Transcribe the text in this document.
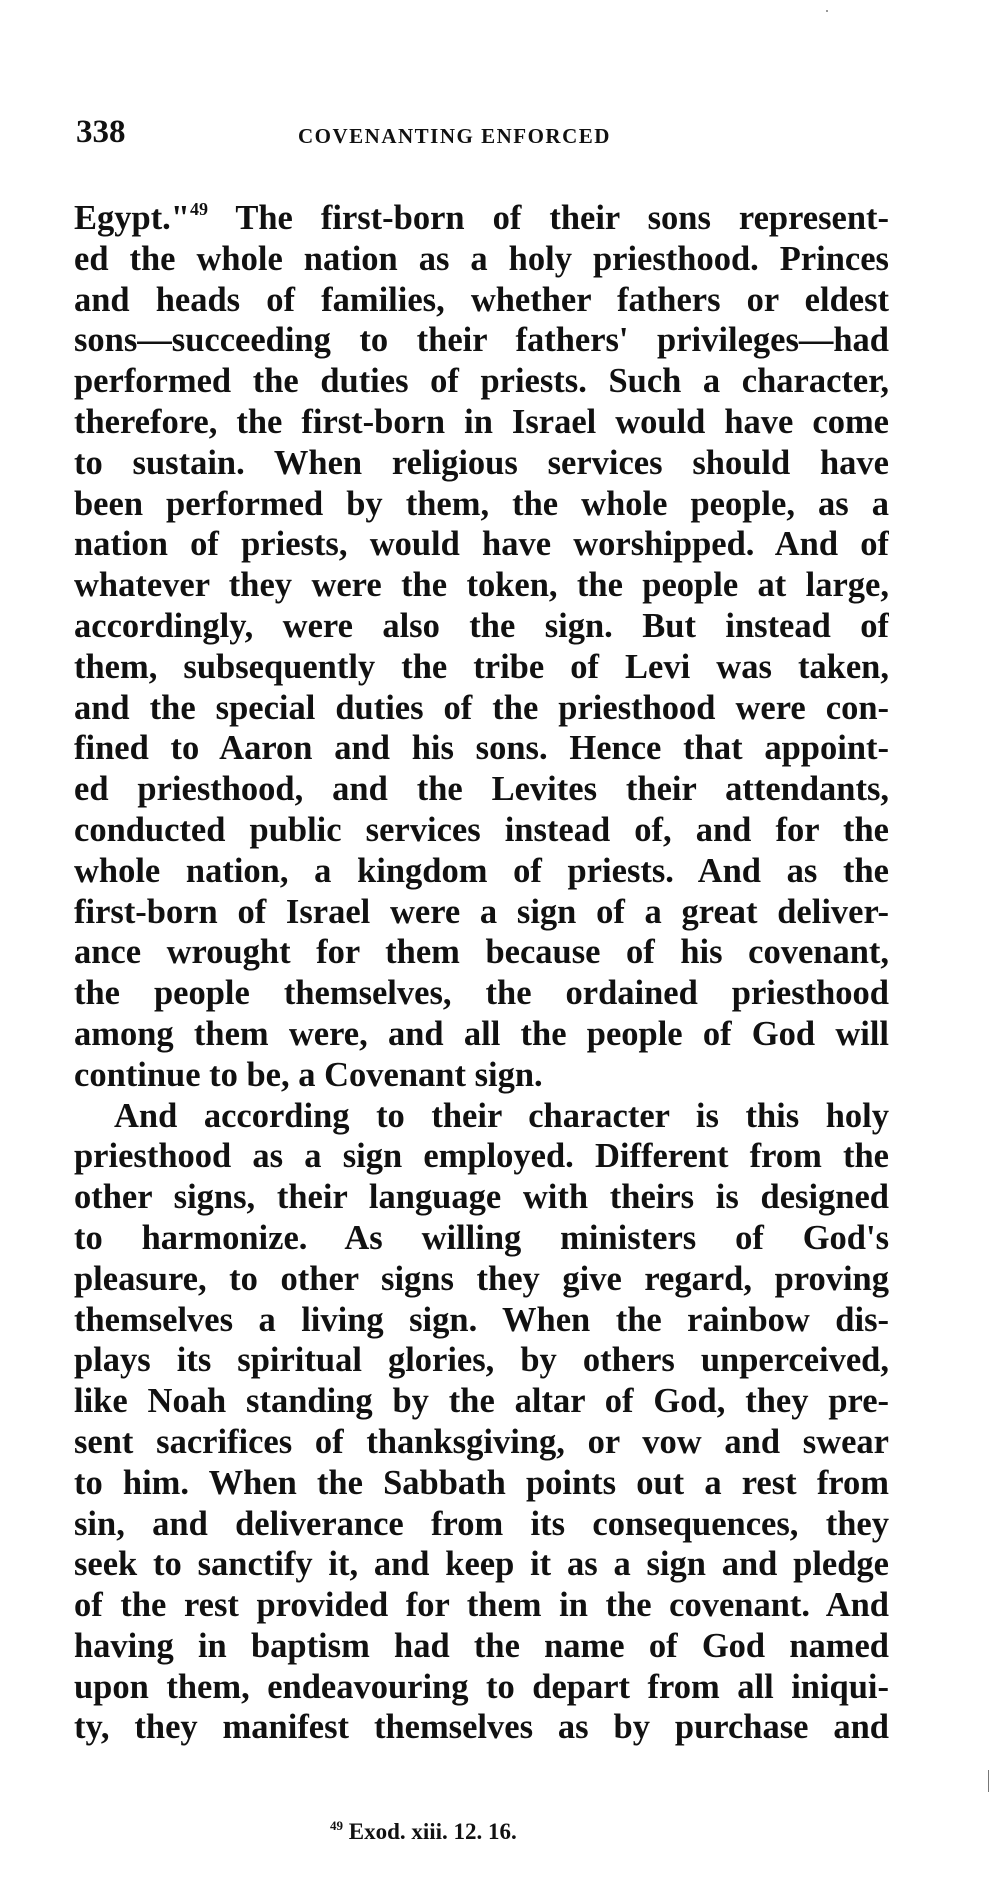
338	COVENANTING ENFORCED
Egypt."$^{49}$ The first-born of their sons represent-
ed the whole nation as a holy priesthood. Princes
and heads of families, whether fathers or eldest
sons—succeeding to their fathers' privileges—had
performed the duties of priests. Such a character,
therefore, the first-born in Israel would have come
to sustain. When religious services should have
been performed by them, the whole people, as a
nation of priests, would have worshipped. And of
whatever they were the token, the people at large,
accordingly, were also the sign. But instead of
them, subsequently the tribe of Levi was taken,
and the special duties of the priesthood were con-
fined to Aaron and his sons. Hence that appoint-
ed priesthood, and the Levites their attendants,
conducted public services instead of, and for the
whole nation, a kingdom of priests. And as the
first-born of Israel were a sign of a great deliver-
ance wrought for them because of his covenant,
the people themselves, the ordained priesthood
among them were, and all the people of God will
continue to be, a Covenant sign.
And according to their character is this holy
priesthood as a sign employed. Different from the
other signs, their language with theirs is designed
to harmonize. As willing ministers of God's
pleasure, to other signs they give regard, proving
themselves a living sign. When the rainbow dis-
plays its spiritual glories, by others unperceived,
like Noah standing by the altar of God, they pre-
sent sacrifices of thanksgiving, or vow and swear
to him. When the Sabbath points out a rest from
sin, and deliverance from its consequences, they
seek to sanctify it, and keep it as a sign and pledge
of the rest provided for them in the covenant. And
having in baptism had the name of God named
upon them, endeavouring to depart from all iniqui-
ty, they manifest themselves as by purchase and
$^{49}$ Exod. xiii. 12. 16.
